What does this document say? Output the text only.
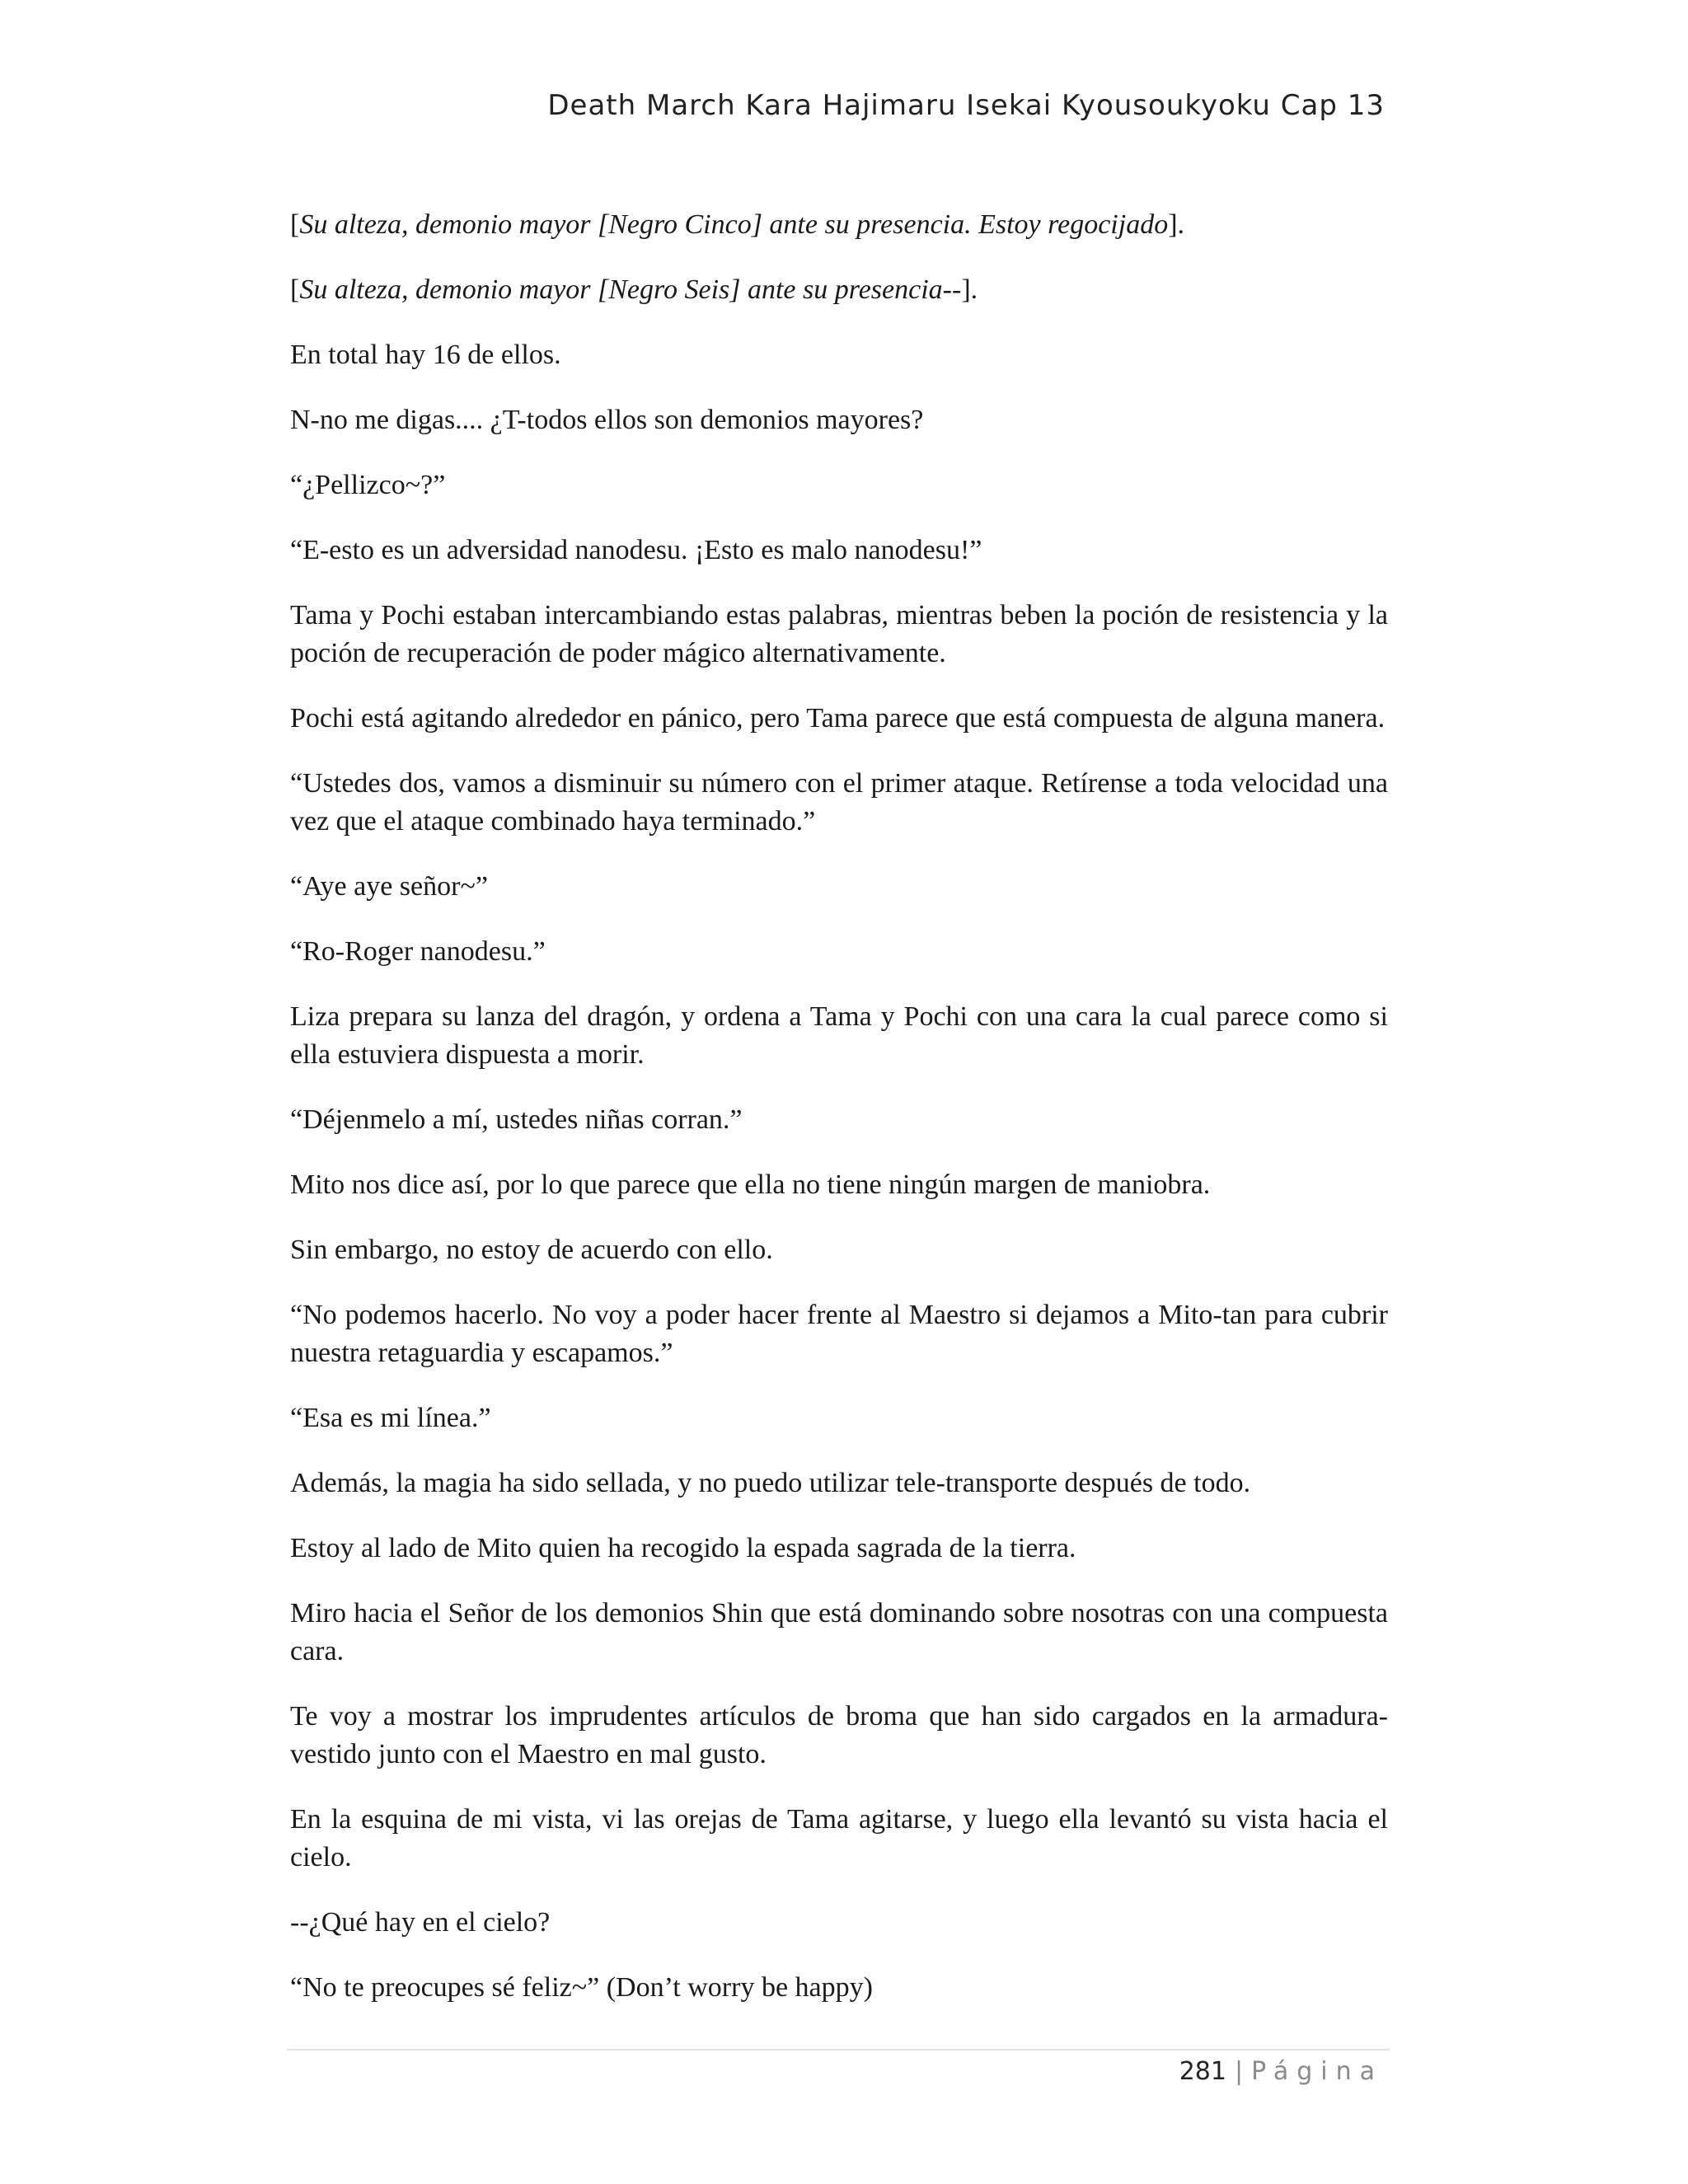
Death March Kara Hajimaru Isekai Kyousoukyoku Cap 13

[Su alteza, demonio mayor [Negro Cinco] ante su presencia. Estoy regocijado].

[Su alteza, demonio mayor [Negro Seis] ante su presencia--].

En total hay 16 de ellos.

N-no me digas.... ¿T-todos ellos son demonios mayores?

“¿Pellizco~?”

“E-esto es un adversidad nanodesu. ¡Esto es malo nanodesu!”

Tama y Pochi estaban intercambiando estas palabras, mientras beben la poción de resistencia y la poción de recuperación de poder mágico alternativamente.

Pochi está agitando alrededor en pánico, pero Tama parece que está compuesta de alguna manera.

“Ustedes dos, vamos a disminuir su número con el primer ataque. Retírense a toda velocidad una vez que el ataque combinado haya terminado.”

“Aye aye señor~”

“Ro-Roger nanodesu.”

Liza prepara su lanza del dragón, y ordena a Tama y Pochi con una cara la cual parece como si ella estuviera dispuesta a morir.

“Déjenmelo a mí, ustedes niñas corran.”

Mito nos dice así, por lo que parece que ella no tiene ningún margen de maniobra.

Sin embargo, no estoy de acuerdo con ello.

“No podemos hacerlo. No voy a poder hacer frente al Maestro si dejamos a Mito-tan para cubrir nuestra retaguardia y escapamos.”

“Esa es mi línea.”

Además, la magia ha sido sellada, y no puedo utilizar tele-transporte después de todo.

Estoy al lado de Mito quien ha recogido la espada sagrada de la tierra.

Miro hacia el Señor de los demonios Shin que está dominando sobre nosotras con una compuesta cara.

Te voy a mostrar los imprudentes artículos de broma que han sido cargados en la armadura-vestido junto con el Maestro en mal gusto.

En la esquina de mi vista, vi las orejas de Tama agitarse, y luego ella levantó su vista hacia el cielo.

--¿Qué hay en el cielo?

“No te preocupes sé feliz~” (Don’t worry be happy)

281 | Página
